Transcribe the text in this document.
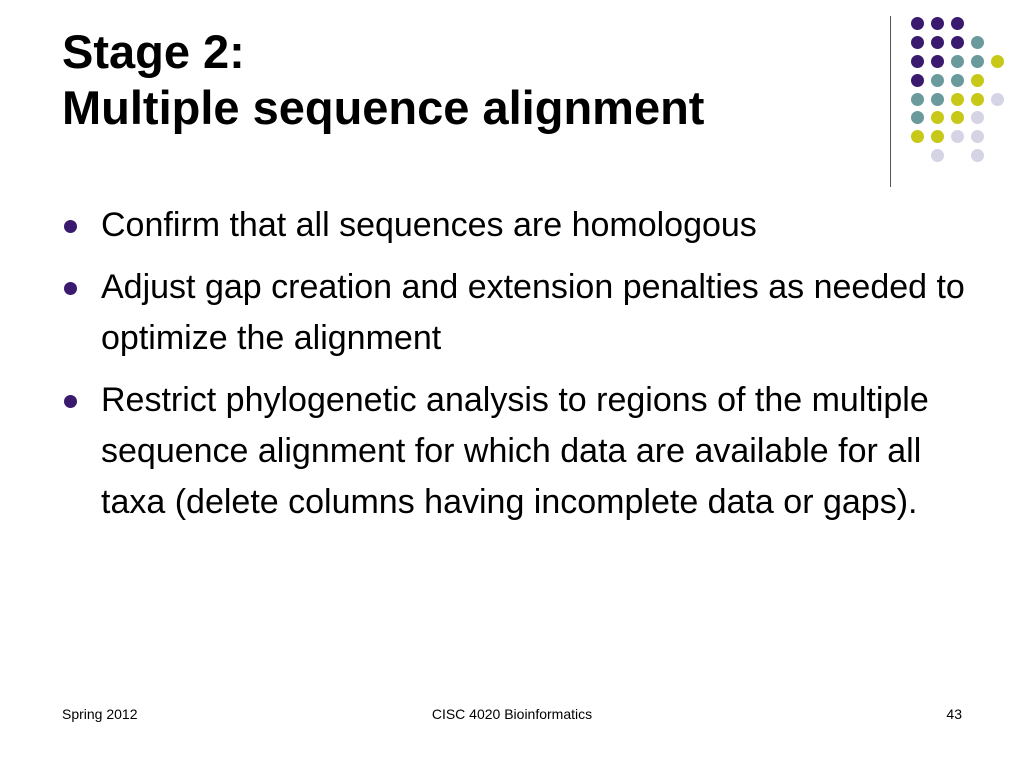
Stage 2:
Multiple sequence alignment
Confirm that all sequences are homologous
Adjust gap creation and extension penalties as needed to optimize the alignment
Restrict phylogenetic analysis to regions of the multiple sequence alignment for which data are available for all taxa (delete columns having incomplete data or gaps).
Spring 2012	CISC 4020 Bioinformatics	43
